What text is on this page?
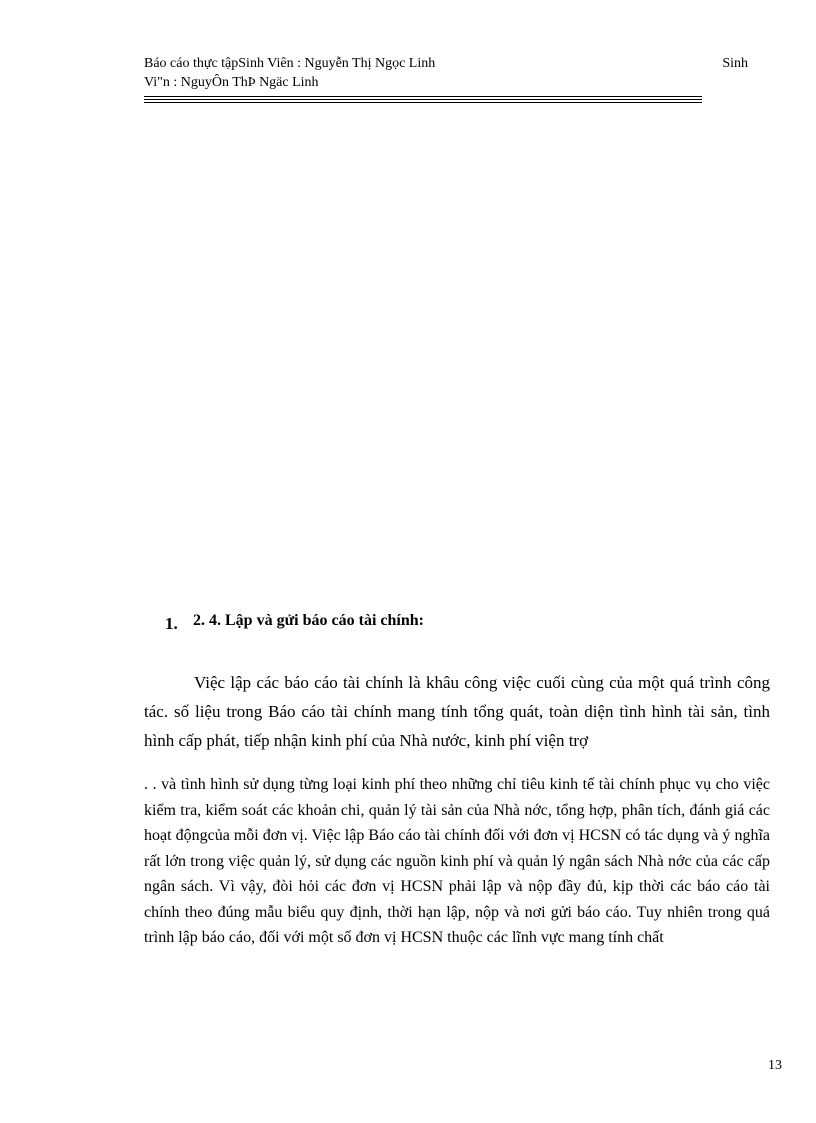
Báo cáo thực tậpSinh Viên : Nguyễn Thị Ngọc Linh	Sinh
Vi"n : NguyÔn ThÞ Ngäc Linh
1. 2. 4. Lập và gửi báo cáo tài chính:

Việc lập các báo cáo tài chính là khâu công việc cuối cùng của một quá trình công tác. số liệu trong Báo cáo tài chính mang tính tổng quát, toàn diện tình hình tài sản, tình hình cấp phát, tiếp nhận kinh phí của Nhà nước, kinh phí viện trợ

. . và tình hình sử dụng từng loại kinh phí theo những chỉ tiêu kinh tế tài chính phục vụ cho việc kiểm tra, kiểm soát các khoản chi, quản lý tài sản của Nhà nớc, tổng hợp, phân tích, đánh giá các hoạt độngcủa mỗi đơn vị. Việc lập Báo cáo tài chính đối với đơn vị HCSN có tác dụng và ý nghĩa rất lớn trong việc quản lý, sử dụng các nguồn kinh phí và quản lý ngân sách Nhà nớc của các cấp ngân sách. Vì vậy, đòi hỏi các đơn vị HCSN phải lập và nộp đầy đủ, kịp thời các báo cáo tài chính theo đúng mẫu biểu quy định, thời hạn lập, nộp và nơi gửi báo cáo. Tuy nhiên trong quá trình lập báo cáo, đối với một số đơn vị HCSN thuộc các lĩnh vực mang tính chất

13
